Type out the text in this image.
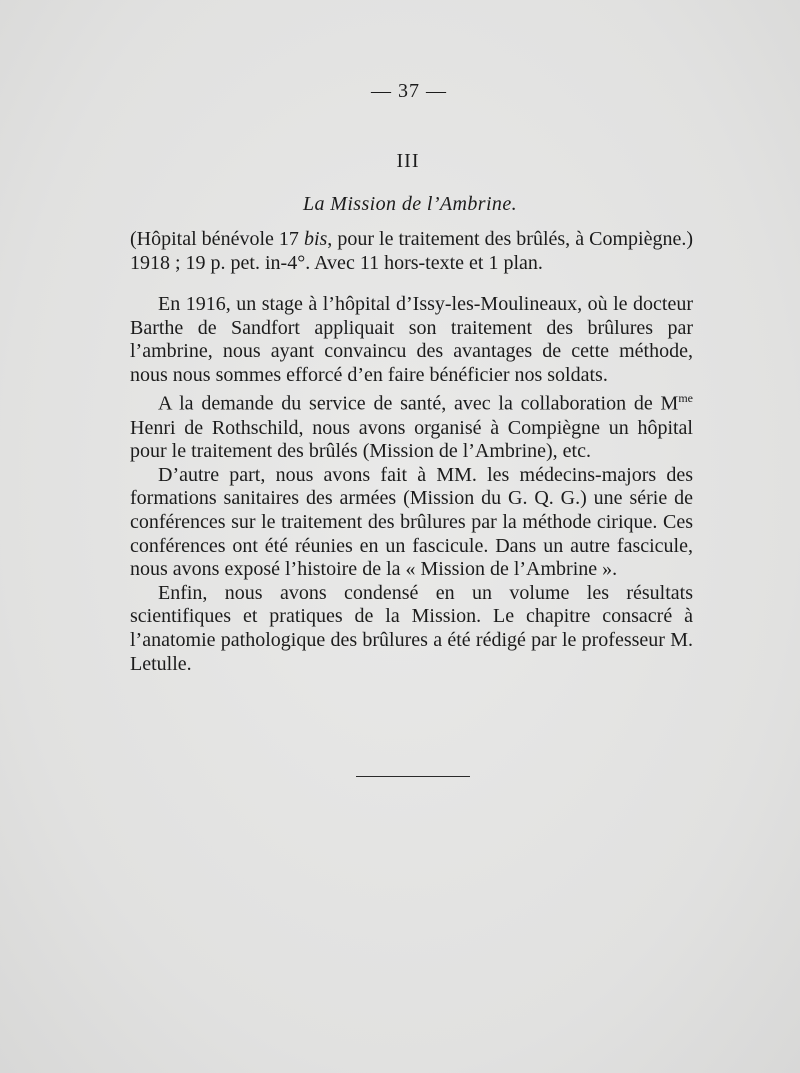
— 37 —
III
La Mission de l’Ambrine.

(Hôpital bénévole 17 bis, pour le traitement des brûlés, à Compiègne.) 1918 ; 19 p. pet. in-4°. Avec 11 hors-texte et 1 plan.

En 1916, un stage à l’hôpital d’Issy-les-Moulineaux, où le docteur Barthe de Sandfort appliquait son traitement des brûlures par l’ambrine, nous ayant convaincu des avantages de cette méthode, nous nous sommes efforcé d’en faire bénéficier nos soldats.

A la demande du service de santé, avec la collaboration de $M^{me}$ Henri de Rothschild, nous avons organisé à Compiègne un hôpital pour le traitement des brûlés (Mission de l’Ambrine), etc.

D’autre part, nous avons fait à MM. les médecins-majors des formations sanitaires des armées (Mission du G. Q. G.) une série de conférences sur le traitement des brûlures par la méthode cirique. Ces conférences ont été réunies en un fascicule. Dans un autre fascicule, nous avons exposé l’histoire de la « Mission de l’Ambrine ».

Enfin, nous avons condensé en un volume les résultats scientifiques et pratiques de la Mission. Le chapitre consacré à l’anatomie pathologique des brûlures a été rédigé par le professeur M. Letulle.
